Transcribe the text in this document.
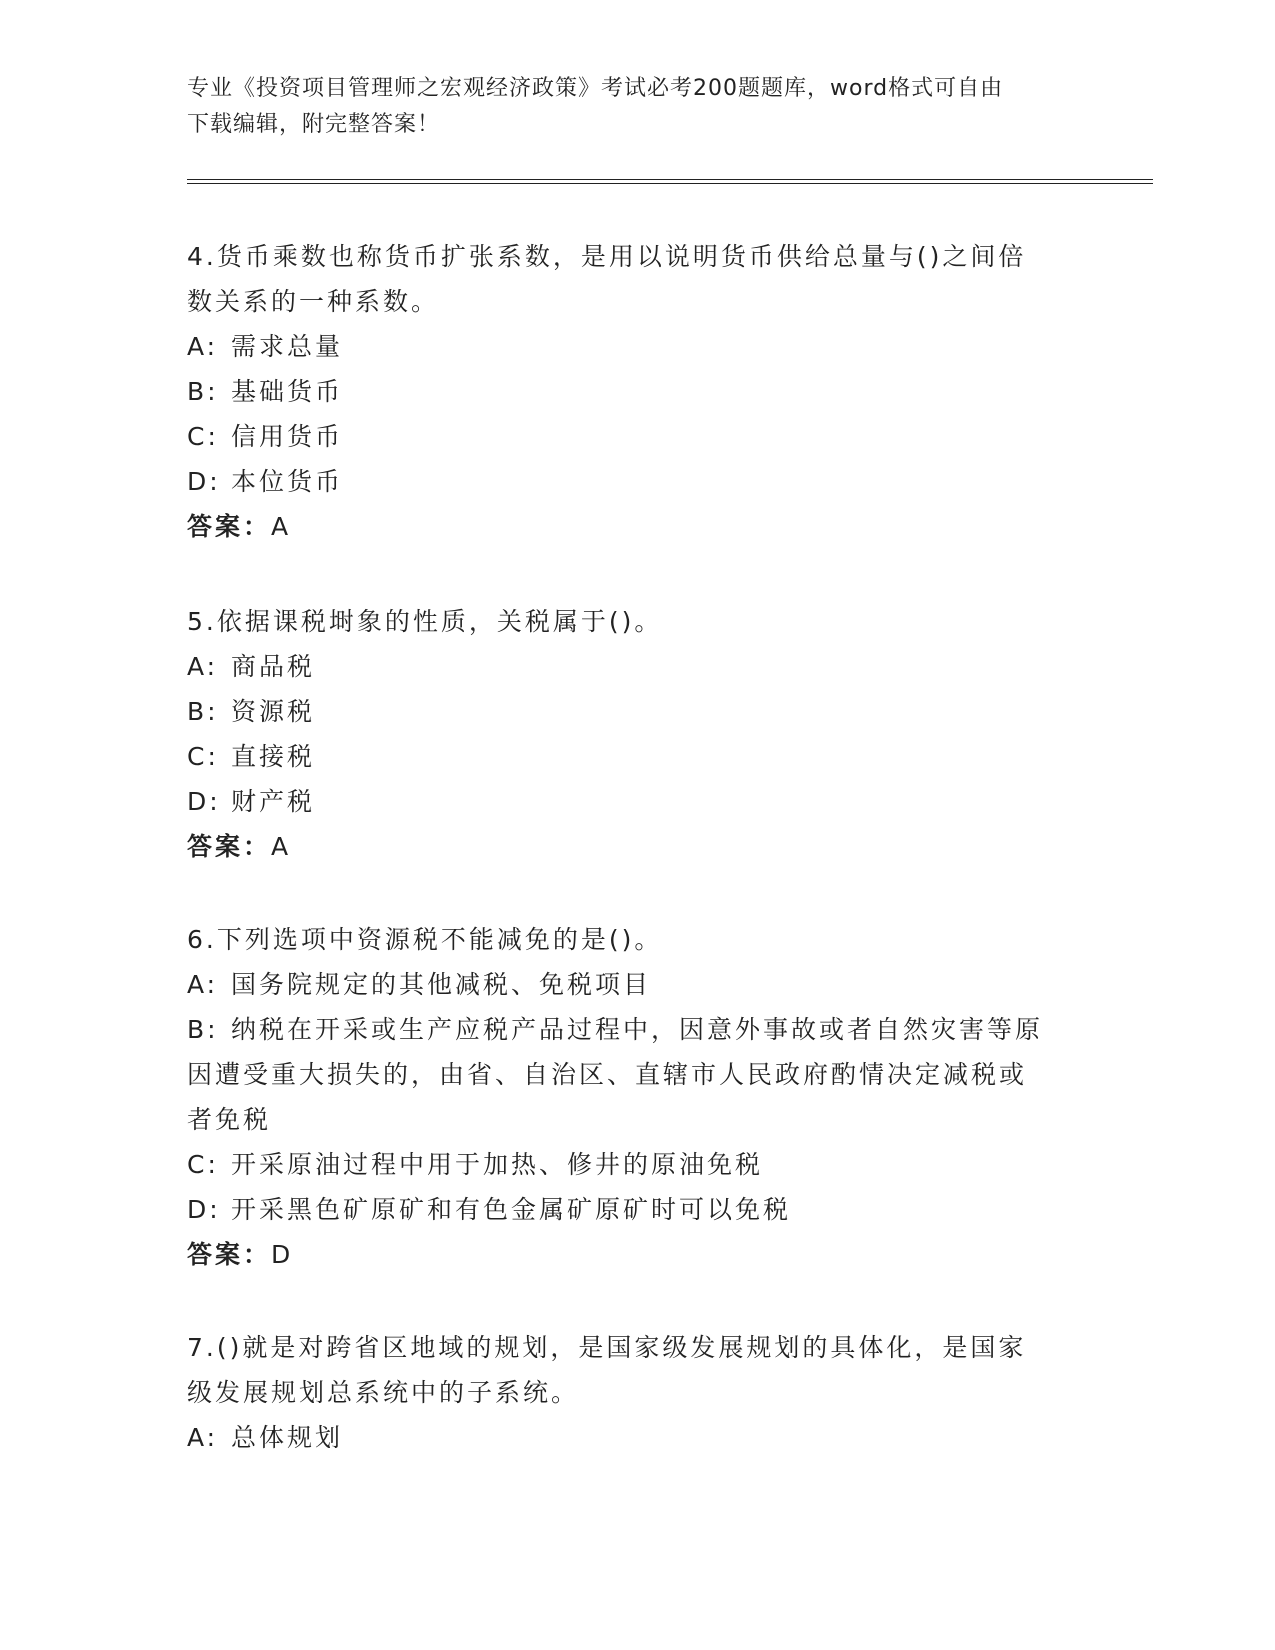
专业《投资项目管理师之宏观经济政策》考试必考200题题库，word格式可自由
下载编辑，附完整答案！
4.货币乘数也称货币扩张系数，是用以说明货币供给总量与()之间倍
数关系的一种系数。
A: 需求总量
B: 基础货币
C: 信用货币
D: 本位货币
答案：A
5.依据课税埘象的性质，关税属于()。
A: 商品税
B: 资源税
C: 直接税
D: 财产税
答案：A
6.下列选项中资源税不能减免的是()。
A: 国务院规定的其他减税、免税项目
B: 纳税在开采或生产应税产品过程中，因意外事故或者自然灾害等原
因遭受重大损失的，由省、自治区、直辖市人民政府酌情决定减税或
者免税
C: 开采原油过程中用于加热、修井的原油免税
D: 开采黑色矿原矿和有色金属矿原矿时可以免税
答案：D
7.()就是对跨省区地域的规划，是国家级发展规划的具体化，是国家
级发展规划总系统中的子系统。
A: 总体规划
